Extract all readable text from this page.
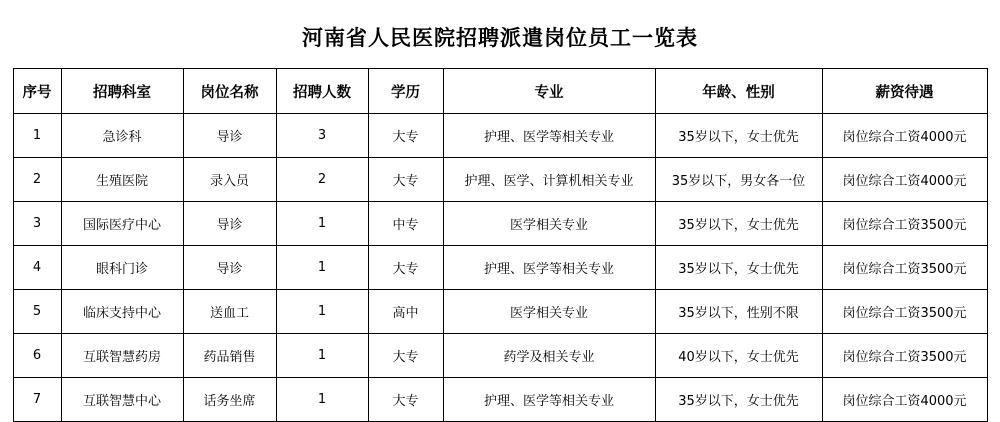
河南省人民医院招聘派遣岗位员工一览表
序号	招聘科室	岗位名称	招聘人数	学历	专业	年龄、性别	薪资待遇
1	急诊科	导诊	3	大专	护理、医学等相关专业	35岁以下，女士优先	岗位综合工资4000元
2	生殖医院	录入员	2	大专	护理、医学、计算机相关专业	35岁以下，男女各一位	岗位综合工资4000元
3	国际医疗中心	导诊	1	中专	医学相关专业	35岁以下，女士优先	岗位综合工资3500元
4	眼科门诊	导诊	1	大专	护理、医学等相关专业	35岁以下，女士优先	岗位综合工资3500元
5	临床支持中心	送血工	1	高中	医学相关专业	35岁以下，性别不限	岗位综合工资3500元
6	互联智慧药房	药品销售	1	大专	药学及相关专业	40岁以下，女士优先	岗位综合工资3500元
7	互联智慧中心	话务坐席	1	大专	护理、医学等相关专业	35岁以下，女士优先	岗位综合工资4000元
